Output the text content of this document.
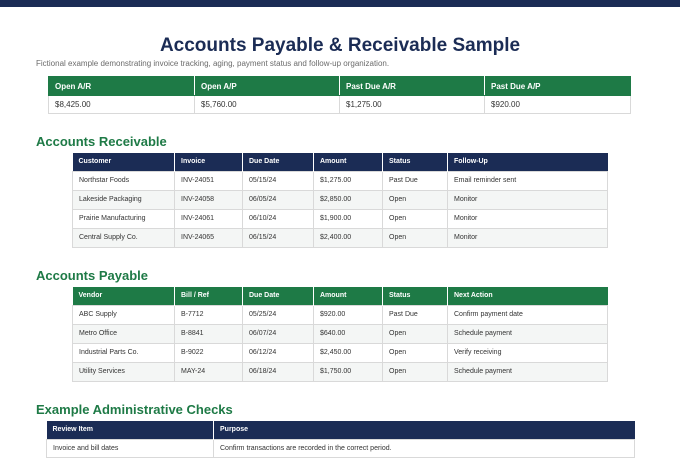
Accounts Payable & Receivable Sample
Fictional example demonstrating invoice tracking, aging, payment status and follow-up organization.
Open A/R	Open A/P	Past Due A/R	Past Due A/P
$8,425.00	$5,760.00	$1,275.00	$920.00
Accounts Receivable
Customer	Invoice	Due Date	Amount	Status	Follow-Up
Northstar Foods	INV-24051	05/15/24	$1,275.00	Past Due	Email reminder sent
Lakeside Packaging	INV-24058	06/05/24	$2,850.00	Open	Monitor
Prairie Manufacturing	INV-24061	06/10/24	$1,900.00	Open	Monitor
Central Supply Co.	INV-24065	06/15/24	$2,400.00	Open	Monitor
Accounts Payable
Vendor	Bill / Ref	Due Date	Amount	Status	Next Action
ABC Supply	B-7712	05/25/24	$920.00	Past Due	Confirm payment date
Metro Office	B-8841	06/07/24	$640.00	Open	Schedule payment
Industrial Parts Co.	B-9022	06/12/24	$2,450.00	Open	Verify receiving
Utility Services	MAY-24	06/18/24	$1,750.00	Open	Schedule payment
Example Administrative Checks
Review Item	Purpose
Invoice and bill dates	Confirm transactions are recorded in the correct period.
